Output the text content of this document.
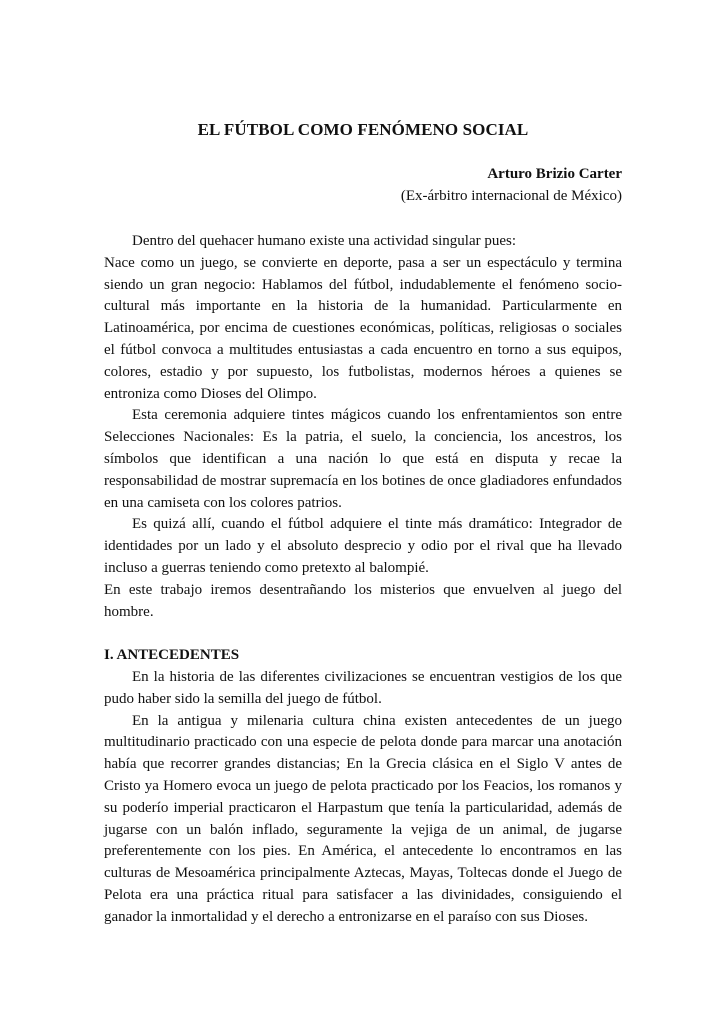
EL FÚTBOL COMO FENÓMENO SOCIAL

Arturo Brizio Carter

(Ex-árbitro internacional de México)

Dentro del quehacer humano existe una actividad singular pues:

Nace como un juego, se convierte en deporte, pasa a ser un espectáculo y termina siendo un gran negocio: Hablamos del fútbol, indudablemente el fenómeno socio-cultural más importante en la historia de la humanidad. Particularmente en Latinoamérica, por encima de cuestiones económicas, políticas, religiosas o sociales el fútbol convoca a multitudes entusiastas a cada encuentro en torno a sus equipos, colores, estadio y por supuesto, los futbolistas, modernos héroes a quienes se entroniza como Dioses del Olimpo.

Esta ceremonia adquiere tintes mágicos cuando los enfrentamientos son entre Selecciones Nacionales: Es la patria, el suelo, la conciencia, los ancestros, los símbolos que identifican a una nación lo que está en disputa y recae la responsabilidad de mostrar supremacía en los botines de once gladiadores enfundados en una camiseta con los colores patrios.

Es quizá allí, cuando el fútbol adquiere el tinte más dramático: Integrador de identidades por un lado y el absoluto desprecio y odio por el rival que ha llevado incluso a guerras teniendo como pretexto al balompié.

En este trabajo iremos desentrañando los misterios que envuelven al juego del hombre.

I. ANTECEDENTES

En la historia de las diferentes civilizaciones se encuentran vestigios de los que pudo haber sido la semilla del juego de fútbol.

En la antigua y milenaria cultura china existen antecedentes de un juego multitudinario practicado con una especie de pelota donde para marcar una anotación había que recorrer grandes distancias; En la Grecia clásica en el Siglo V antes de Cristo ya Homero evoca un juego de pelota practicado por los Feacios, los romanos y su poderío imperial practicaron el Harpastum que tenía la particularidad, además de jugarse con un balón inflado, seguramente la vejiga de un animal, de jugarse preferentemente con los pies. En América, el antecedente lo encontramos en las culturas de Mesoamérica principalmente Aztecas, Mayas, Toltecas donde el Juego de Pelota era una práctica ritual para satisfacer a las divinidades, consiguiendo el ganador la inmortalidad y el derecho a entronizarse en el paraíso con sus Dioses.
